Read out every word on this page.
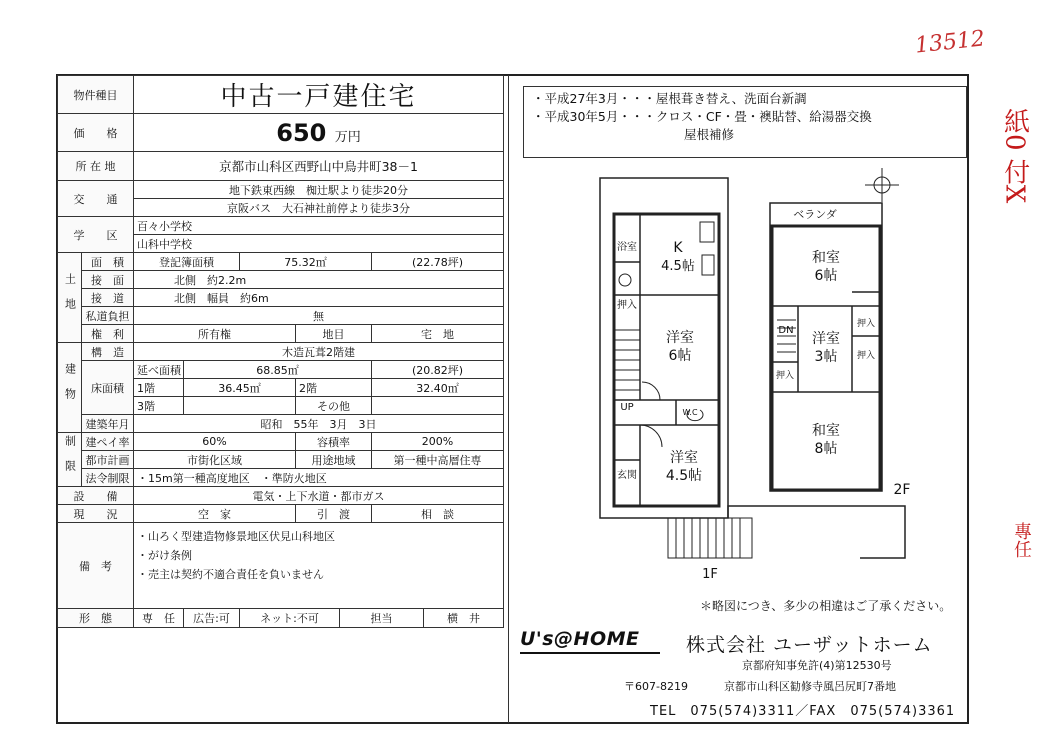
13512
紙0 付X
專任
物件種目		中古一戸建住宅						
価　　格		650 万円						
所 在 地		京都市山科区西野山中鳥井町38－1						
交　　通		地下鉄東西線　椥辻駅より徒歩20分						
		京阪バス　大石神社前停より徒歩3分						
学　　区		百々小学校						
		山科中学校						
土地	面　積	登記簿面積		75.32㎡			(22.78坪)	
	接　面	北側　約2.2m						
	接　道	北側　幅員　約6m						
	私道負担	無						
	権　利	所有権			地目		宅　地	
建物	構　造	木造瓦葺2階建						
	床面積	延べ面積	68.85㎡				(20.82坪)	
		1階	36.45㎡		2階		32.40㎡	
		3階			その他			
	建築年月	昭和　55年　3月　3日						
制限	建ペイ率	60%			容積率		200%	
	都市計画	市街化区域			用途地域		第一種中高層住専	
	法令制限	・15m第一種高度地区　・準防火地区						
設　　備		電気・上下水道・都市ガス						
現　　況		空　家			引　渡		相　談	
備　考		・山ろく型建造物修景地区伏見山科地区
・がけ条例
・売主は契約不適合責任を負いません						

形　態		専　任	広告:可	ネット:不可		担当		横　井
・平成27年3月・・・屋根葺き替え、洗面台新調
・平成30年5月・・・クロス・CF・畳・襖貼替、給湯器交換
屋根補修
浴室	K
4.5帖
押入
洋室
6帖
UP	W.C
洋室
4.5帖
玄関
1F
ベランダ
和室
6帖
DN
洋室
3帖
押入
押入
押入
和室
8帖
2F
＊略図につき、多少の相違はご了承ください。
U's@HOME 株式会社 ユーザットホーム
京都府知事免許(4)第12530号
〒607-8219	京都市山科区勧修寺風呂尻町7番地
TEL　075(574)3311／FAX　075(574)3361
